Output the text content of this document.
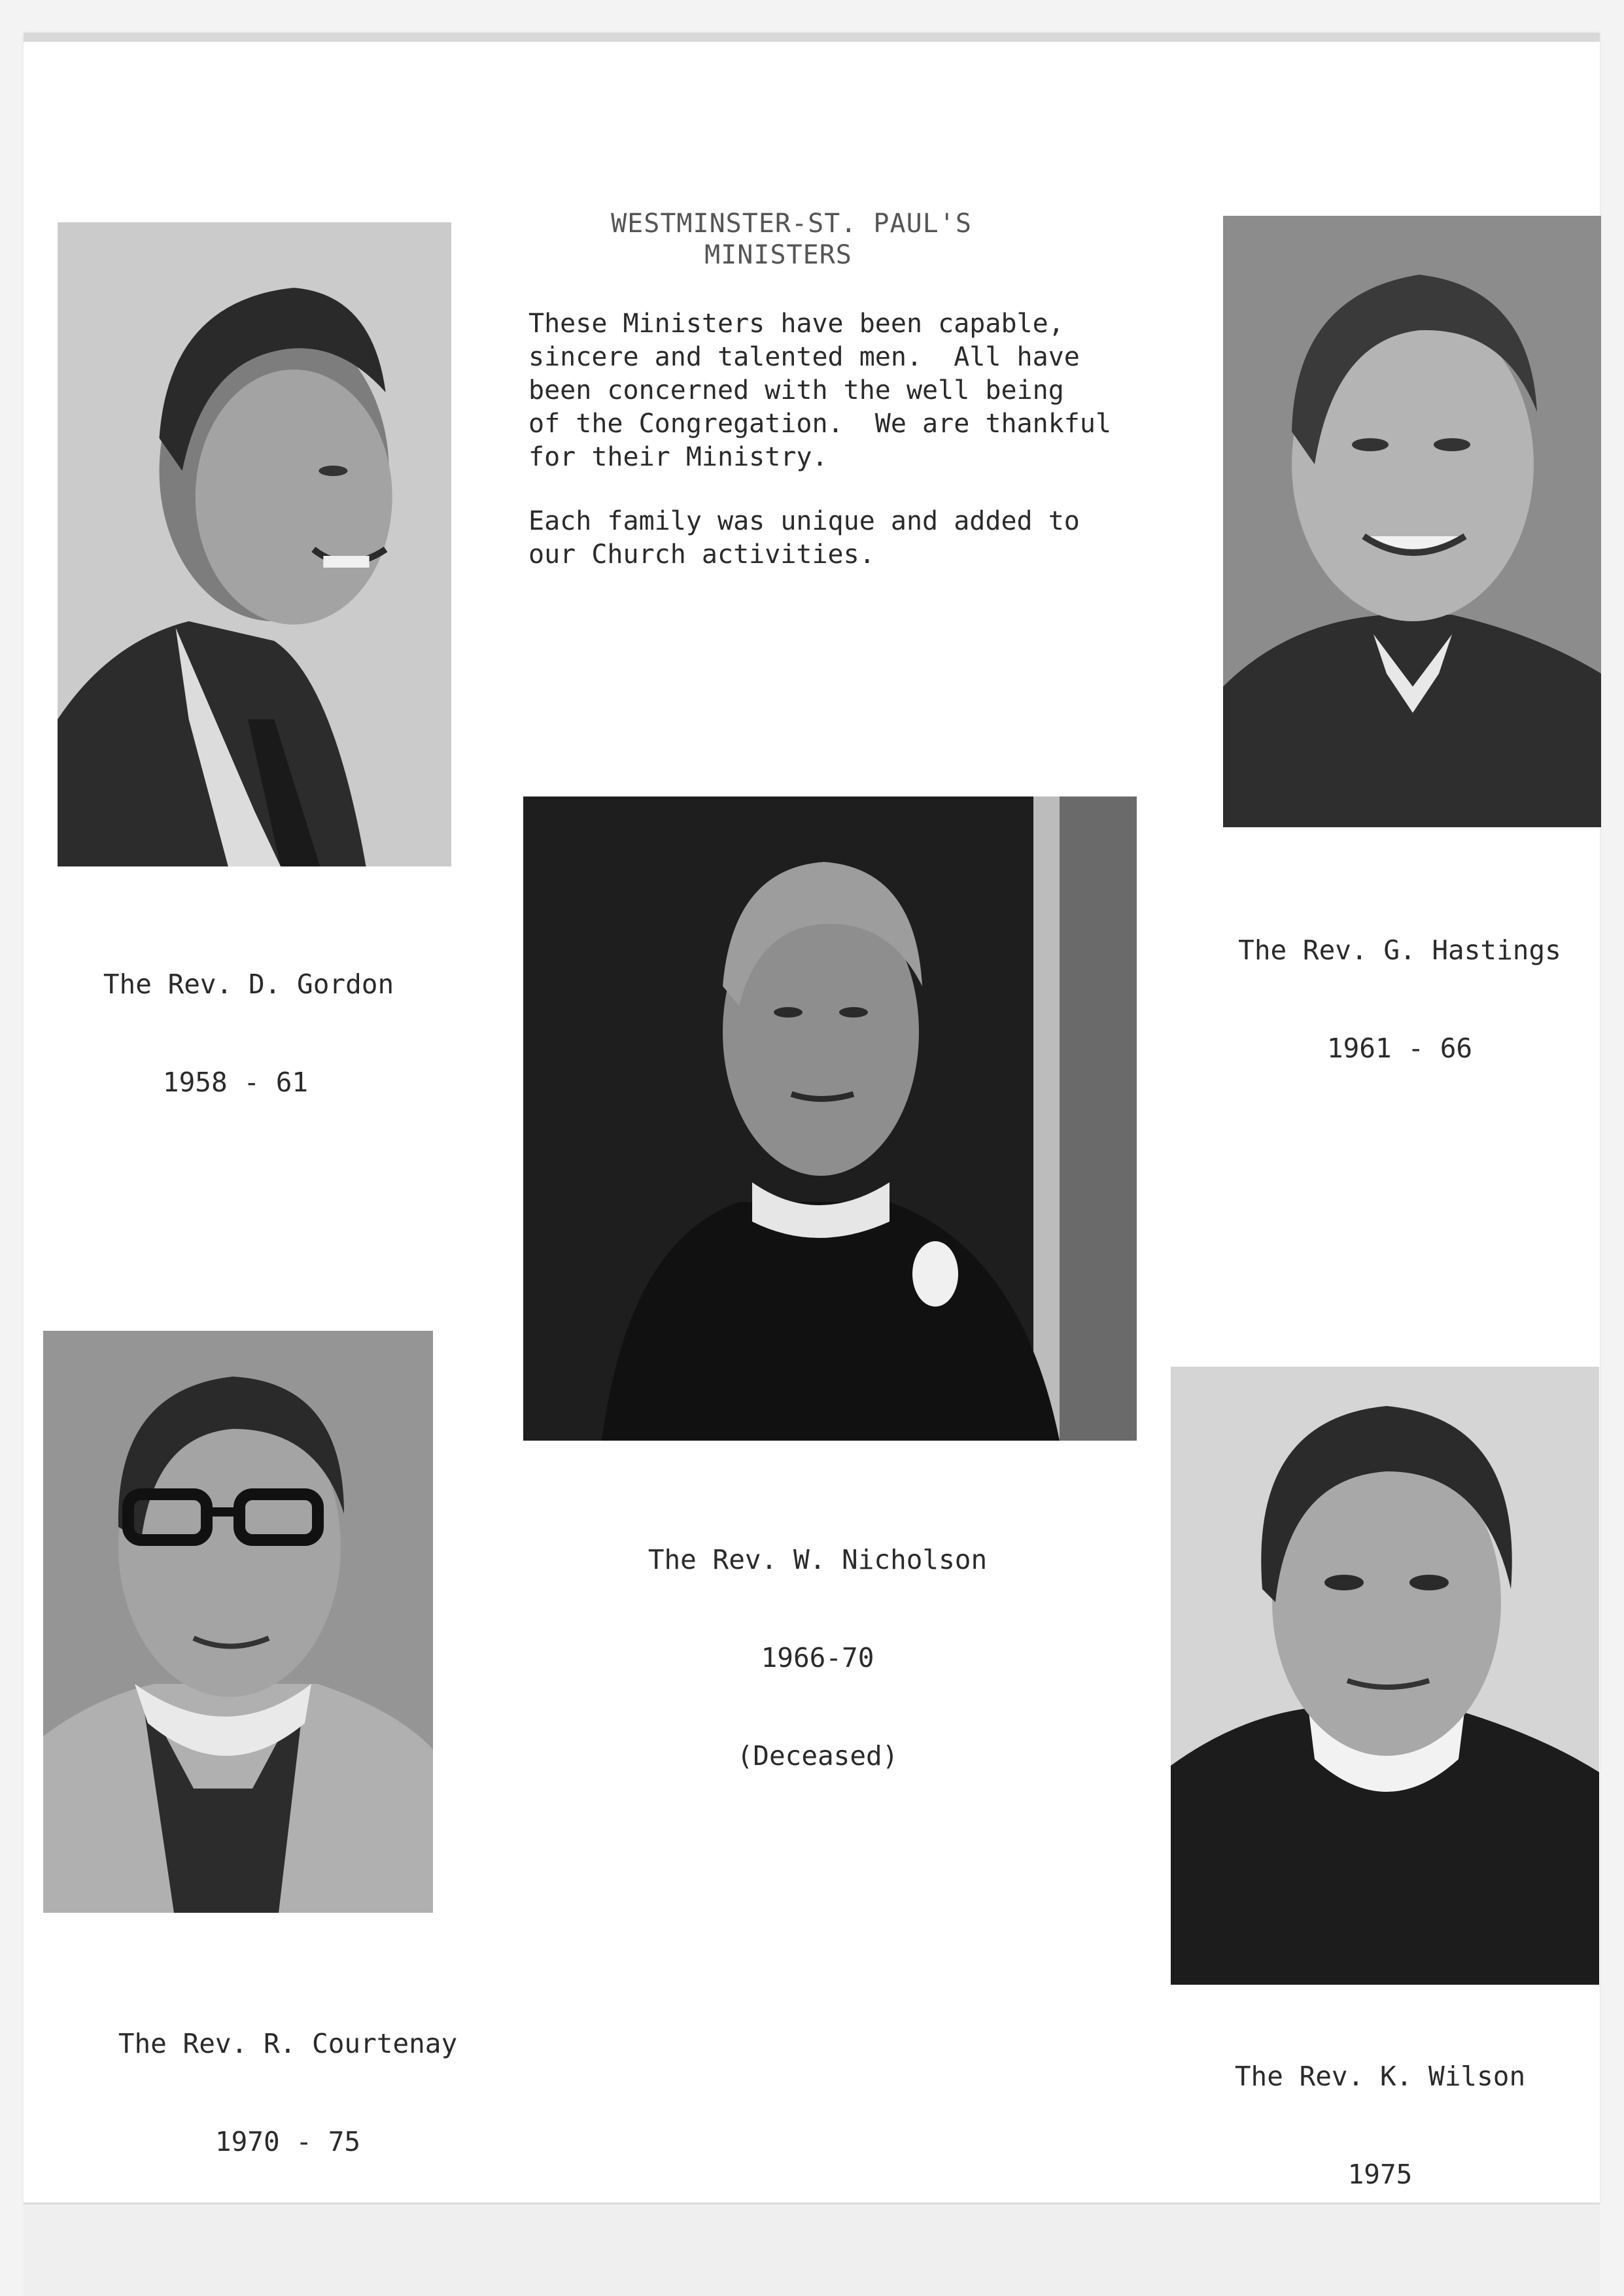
WESTMINSTER-ST. PAUL'S
MINISTERS
These Ministers have been capable,
sincere and talented men.  All have
been concerned with the well being
of the Congregation.  We are thankful
for their Ministry.
Each family was unique and added to
our Church activities.

The Rev. D. Gordon

1958 - 61

The Rev. G. Hastings

1961 - 66

The Rev. W. Nicholson

1966-70

(Deceased)

The Rev. R. Courtenay

1970 - 75

The Rev. K. Wilson

1975
